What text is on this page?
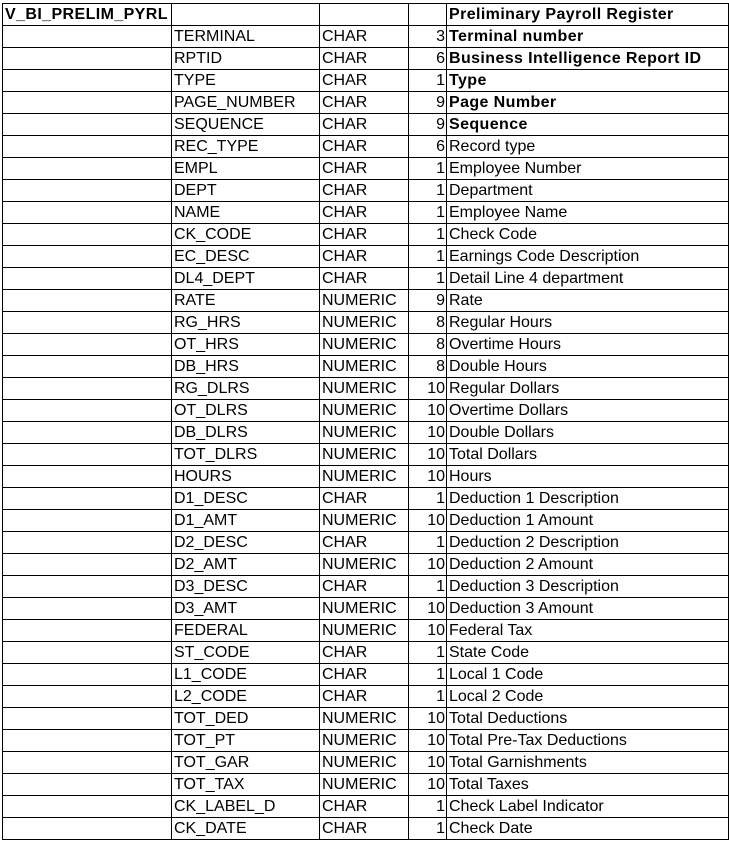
V_BI_PRELIM_PYRL				Preliminary Payroll Register
	TERMINAL	CHAR	3	Terminal number
	RPTID	CHAR	6	Business Intelligence Report ID
	TYPE	CHAR	1	Type
	PAGE_NUMBER	CHAR	9	Page Number
	SEQUENCE	CHAR	9	Sequence
	REC_TYPE	CHAR	6	Record type
	EMPL	CHAR	1	Employee Number
	DEPT	CHAR	1	Department
	NAME	CHAR	1	Employee Name
	CK_CODE	CHAR	1	Check Code
	EC_DESC	CHAR	1	Earnings Code Description
	DL4_DEPT	CHAR	1	Detail Line 4 department
	RATE	NUMERIC	9	Rate
	RG_HRS	NUMERIC	8	Regular Hours
	OT_HRS	NUMERIC	8	Overtime Hours
	DB_HRS	NUMERIC	8	Double Hours
	RG_DLRS	NUMERIC	10	Regular Dollars
	OT_DLRS	NUMERIC	10	Overtime Dollars
	DB_DLRS	NUMERIC	10	Double Dollars
	TOT_DLRS	NUMERIC	10	Total Dollars
	HOURS	NUMERIC	10	Hours
	D1_DESC	CHAR	1	Deduction 1 Description
	D1_AMT	NUMERIC	10	Deduction 1 Amount
	D2_DESC	CHAR	1	Deduction 2 Description
	D2_AMT	NUMERIC	10	Deduction 2 Amount
	D3_DESC	CHAR	1	Deduction 3 Description
	D3_AMT	NUMERIC	10	Deduction 3 Amount
	FEDERAL	NUMERIC	10	Federal Tax
	ST_CODE	CHAR	1	State Code
	L1_CODE	CHAR	1	Local 1 Code
	L2_CODE	CHAR	1	Local 2 Code
	TOT_DED	NUMERIC	10	Total Deductions
	TOT_PT	NUMERIC	10	Total Pre-Tax Deductions
	TOT_GAR	NUMERIC	10	Total Garnishments
	TOT_TAX	NUMERIC	10	Total Taxes
	CK_LABEL_D	CHAR	1	Check Label Indicator
	CK_DATE	CHAR	1	Check Date
